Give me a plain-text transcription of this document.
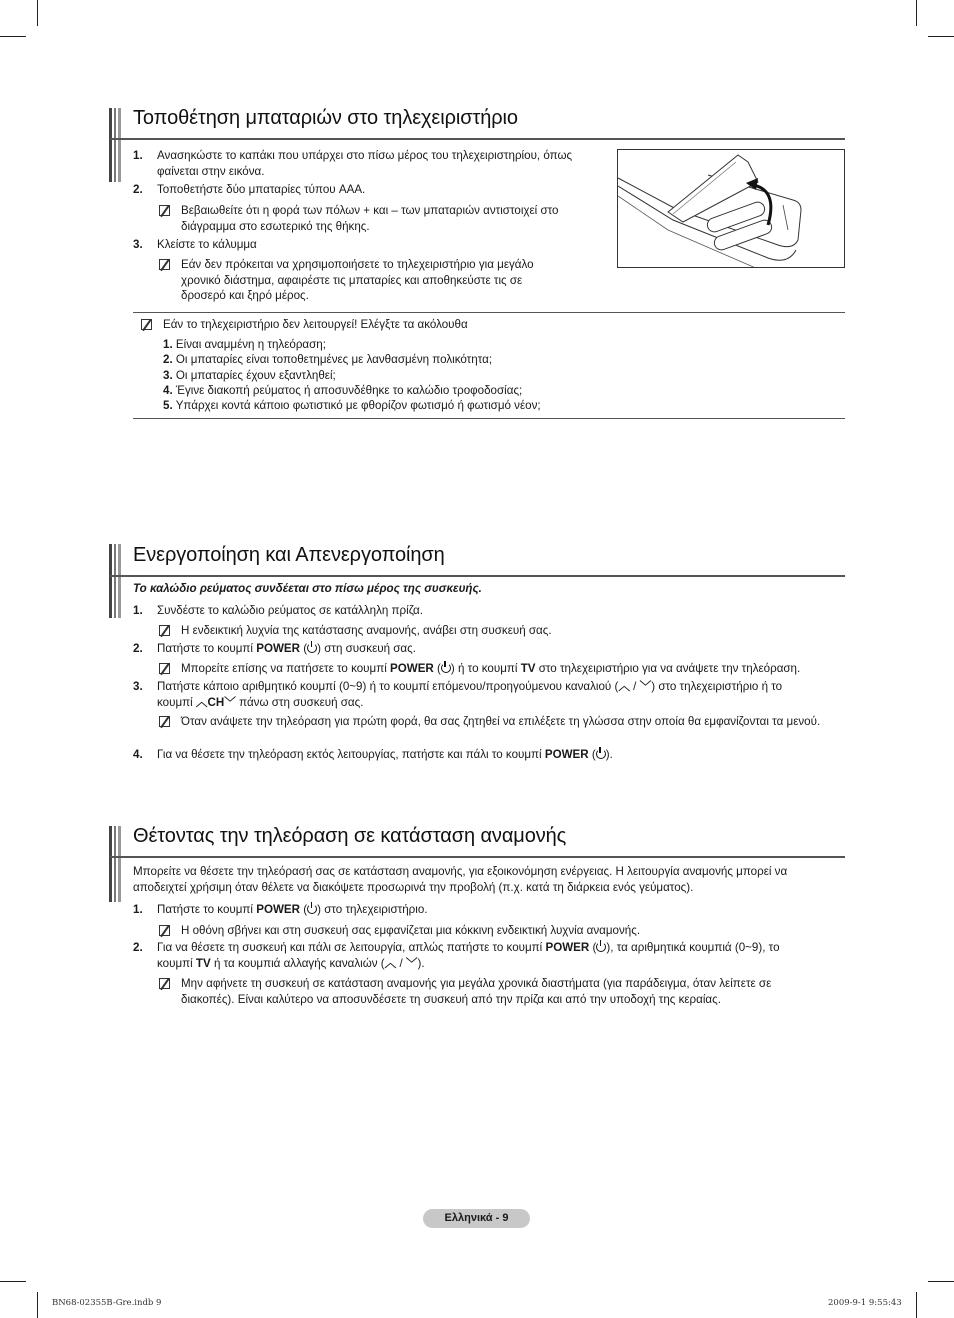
Τοποθέτηση μπαταριών στο τηλεχειριστήριο
1. Ανασηκώστε το καπάκι που υπάρχει στο πίσω μέρος του τηλεχειριστηρίου, όπως φαίνεται στην εικόνα.
2. Τοποθετήστε δύο μπαταρίες τύπου AAA.
Βεβαιωθείτε ότι η φορά των πόλων + και – των μπαταριών αντιστοιχεί στο διάγραμμα στο εσωτερικό της θήκης.
3. Κλείστε το κάλυμμα
Εάν δεν πρόκειται να χρησιμοποιήσετε το τηλεχειριστήριο για μεγάλο χρονικό διάστημα, αφαιρέστε τις μπαταρίες και αποθηκεύστε τις σε δροσερό και ξηρό μέρος.
Εάν το τηλεχειριστήριο δεν λειτουργεί! Ελέγξτε τα ακόλουθα
1. Είναι αναμμένη η τηλεόραση;
2. Οι μπαταρίες είναι τοποθετημένες με λανθασμένη πολικότητα;
3. Οι μπαταρίες έχουν εξαντληθεί;
4. Έγινε διακοπή ρεύματος ή αποσυνδέθηκε το καλώδιο τροφοδοσίας;
5. Υπάρχει κοντά κάποιο φωτιστικό με φθορίζον φωτισμό ή φωτισμό νέον;
Ενεργοποίηση και Απενεργοποίηση
Το καλώδιο ρεύματος συνδέεται στο πίσω μέρος της συσκευής.
1. Συνδέστε το καλώδιο ρεύματος σε κατάλληλη πρίζα.
Η ενδεικτική λυχνία της κατάστασης αναμονής, ανάβει στη συσκευή σας.
2. Πατήστε το κουμπί POWER ( ) στη συσκευή σας.
Μπορείτε επίσης να πατήσετε το κουμπί POWER ( ) ή το κουμπί TV στο τηλεχειριστήριο για να ανάψετε την τηλεόραση.
3. Πατήστε κάποιο αριθμητικό κουμπί (0~9) ή το κουμπί επόμενου/προηγούμενου καναλιού (︿ / ﹀) στο τηλεχειριστήριο ή το
κουμπί ︿CH﹀ πάνω στη συσκευή σας.
Όταν ανάψετε την τηλεόραση για πρώτη φορά, θα σας ζητηθεί να επιλέξετε τη γλώσσα στην οποία θα εμφανίζονται τα μενού.
4. Για να θέσετε την τηλεόραση εκτός λειτουργίας, πατήστε και πάλι το κουμπί POWER ( ).
Θέτοντας την τηλεόραση σε κατάσταση αναμονής
Μπορείτε να θέσετε την τηλεόρασή σας σε κατάσταση αναμονής, για εξοικονόμηση ενέργειας. Η λειτουργία αναμονής μπορεί να αποδειχτεί χρήσιμη όταν θέλετε να διακόψετε προσωρινά την προβολή (π.χ. κατά τη διάρκεια ενός γεύματος).
1. Πατήστε το κουμπί POWER ( ) στο τηλεχειριστήριο.
Η οθόνη σβήνει και στη συσκευή σας εμφανίζεται μια κόκκινη ενδεικτική λυχνία αναμονής.
2. Για να θέσετε τη συσκευή και πάλι σε λειτουργία, απλώς πατήστε το κουμπί POWER ( ), τα αριθμητικά κουμπιά (0~9), το
κουμπί TV ή τα κουμπιά αλλαγής καναλιών (︿ / ﹀).
Μην αφήνετε τη συσκευή σε κατάσταση αναμονής για μεγάλα χρονικά διαστήματα (για παράδειγμα, όταν λείπετε σε διακοπές). Είναι καλύτερο να αποσυνδέσετε τη συσκευή από την πρίζα και από την υποδοχή της κεραίας.
Ελληνικά - 9
BN68-02355B-Gre.indb 9	2009-9-1 9:55:43
